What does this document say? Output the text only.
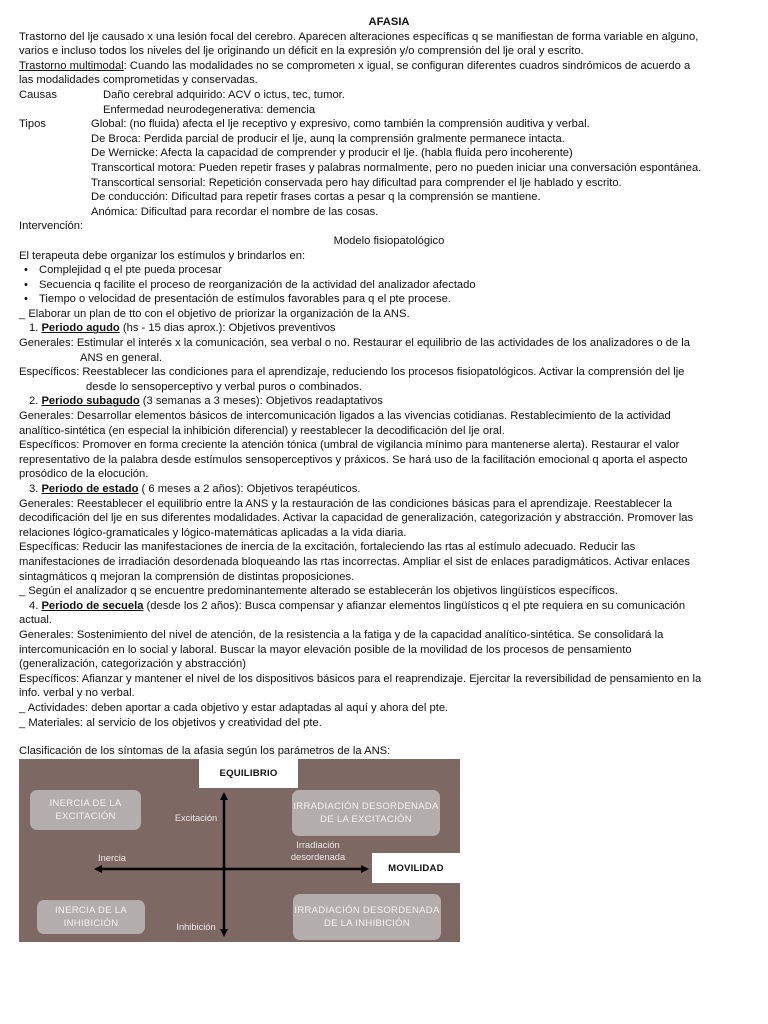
AFASIA

Trastorno del lje causado x una lesión focal del cerebro. Aparecen alteraciones específicas q se manifiestan de forma variable en alguno,

varios e incluso todos los niveles del lje originando un déficit en la expresión y/o comprensión del lje oral y escrito.

Trastorno multimodal: Cuando las modalidades no se comprometen x igual, se configuran diferentes cuadros sindrómicos de acuerdo a

las modalidades comprometidas y conservadas.

Causas	Daño cerebral adquirido: ACV o ictus, tec, tumor.

Enfermedad neurodegenerativa: demencia

Tipos	Global: (no fluida) afecta el lje receptivo y expresivo, como también la comprensión auditiva y verbal.

De Broca: Perdida parcial de producir el lje, aunq la comprensión gralmente permanece intacta.

De Wernicke: Afecta la capacidad de comprender y producir el lje. (habla fluida pero incoherente)

Transcortical motora: Pueden repetir frases y palabras normalmente, pero no pueden iniciar una conversación espontánea.

Transcortical sensorial: Repetición conservada pero hay dificultad para comprender el lje hablado y escrito.

De conducción: Dificultad para repetir frases cortas a pesar q la comprensión se mantiene.

Anómica: Dificultad para recordar el nombre de las cosas.

Intervención:

Modelo fisiopatológico

El terapeuta debe organizar los estímulos y brindarlos en:

• Complejidad q el pte pueda procesar
• Secuencia q facilite el proceso de reorganización de la actividad del analizador afectado
• Tiempo o velocidad de presentación de estímulos favorables para q el pte procese.

_ Elaborar un plan de tto con el objetivo de priorizar la organización de la ANS.

1. Periodo agudo (hs - 15 dias aprox.): Objetivos preventivos

Generales: Estimular el interés x la comunicación, sea verbal o no. Restaurar el equilibrio de las actividades de los analizadores o de la

ANS en general.

Específicos: Reestablecer las condiciones para el aprendizaje, reduciendo los procesos fisiopatológicos. Activar la comprensión del lje

desde lo sensoperceptivo y verbal puros o combinados.

2. Periodo subagudo (3 semanas a 3 meses): Objetivos readaptativos

Generales: Desarrollar elementos básicos de intercomunicación ligados a las vivencias cotidianas. Restablecimiento de la actividad

analítico-sintética (en especial la inhibición diferencial) y reestablecer la decodificación del lje oral.

Específicos: Promover en forma creciente la atención tónica (umbral de vigilancia mínimo para mantenerse alerta). Restaurar el valor

representativo de la palabra desde estímulos sensoperceptivos y práxicos. Se hará uso de la facilitación emocional q aporta el aspecto

prosódico de la elocución.

3. Periodo de estado ( 6 meses a 2 años): Objetivos terapéuticos.

Generales: Reestablecer el equilibrio entre la ANS y la restauración de las condiciones básicas para el aprendizaje. Reestablecer la

decodificación del lje en sus diferentes modalidades. Activar la capacidad de generalización, categorización y abstracción. Promover las

relaciones lógico-gramaticales y lógico-matemáticas aplicadas a la vida diaria.

Específicas: Reducir las manifestaciones de inercia de la excitación, fortaleciendo las rtas al estímulo adecuado. Reducir las

manifestaciones de irradiación desordenada bloqueando las rtas incorrectas. Ampliar el sist de enlaces paradigmáticos. Activar enlaces

sintagmáticos q mejoran la comprensión de distintas proposiciones.

_ Según el analizador q se encuentre predominantemente alterado se establecerán los objetivos lingüísticos específicos.

4. Periodo de secuela (desde los 2 años): Busca compensar y afianzar elementos lingüísticos q el pte requiera en su comunicación

actual.

Generales: Sostenimiento del nivel de atención, de la resistencia a la fatiga y de la capacidad analítico-sintética. Se consolidará la

intercomunicación en lo social y laboral. Buscar la mayor elevación posible de la movilidad de los procesos de pensamiento

(generalización, categorización y abstracción)

Específicos: Afianzar y mantener el nivel de los dispositivos básicos para el reaprendizaje. Ejercitar la reversibilidad de pensamiento en la

info. verbal y no verbal.

_ Actividades: deben aportar a cada objetivo y estar adaptadas al aquí y ahora del pte.

_ Materiales: al servicio de los objetivos y creatividad del pte.

Clasificación de los síntomas de la afasia según los parámetros de la ANS:

EQUILIBRIO
MOVILIDAD
INERCIA DE LA EXCITACIÓN
IRRADIACIÓN DESORDENADA DE LA EXCITACIÓN
INERCIA DE LA INHIBICIÓN
IRRADIACIÓN DESORDENADA DE LA INHIBICIÓN
Excitación
Inhibición
Inercia
Irradiación desordenada
